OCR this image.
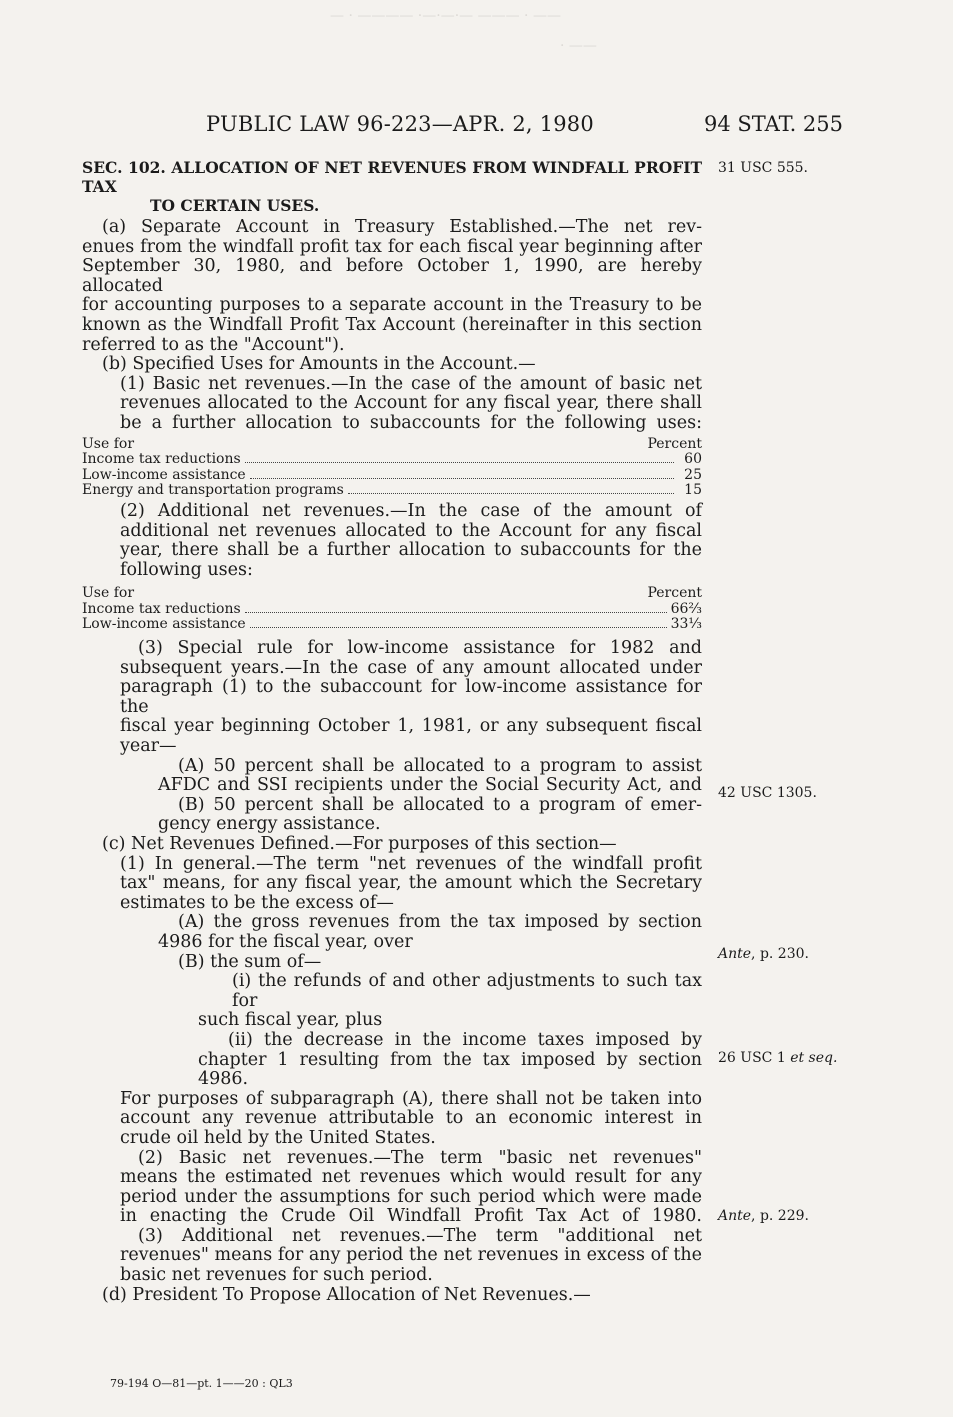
— · ———— ·—·—·— ——— · ——
· ——
PUBLIC LAW 96-223—APR. 2, 1980	94 STAT. 255
SEC. 102. ALLOCATION OF NET REVENUES FROM WINDFALL PROFIT TAX
TO CERTAIN USES.
(a) Separate Account in Treasury Established.—The net rev-
enues from the windfall profit tax for each fiscal year beginning after
September 30, 1980, and before October 1, 1990, are hereby allocated
for accounting purposes to a separate account in the Treasury to be
known as the Windfall Profit Tax Account (hereinafter in this section
referred to as the "Account").
(b) Specified Uses for Amounts in the Account.—
(1) Basic net revenues.—In the case of the amount of basic net
revenues allocated to the Account for any fiscal year, there shall
be a further allocation to subaccounts for the following uses:
Use for	Percent
Income tax reductions	60
Low-income assistance	25
Energy and transportation programs	15
(2) Additional net revenues.—In the case of the amount of
additional net revenues allocated to the Account for any fiscal
year, there shall be a further allocation to subaccounts for the
following uses:
Use for	Percent
Income tax reductions	66⅔
Low-income assistance	33⅓
(3) Special rule for low-income assistance for 1982 and
subsequent years.—In the case of any amount allocated under
paragraph (1) to the subaccount for low-income assistance for the
fiscal year beginning October 1, 1981, or any subsequent fiscal
year—
(A) 50 percent shall be allocated to a program to assist
AFDC and SSI recipients under the Social Security Act, and
(B) 50 percent shall be allocated to a program of emer-
gency energy assistance.
(c) Net Revenues Defined.—For purposes of this section—
(1) In general.—The term "net revenues of the windfall profit
tax" means, for any fiscal year, the amount which the Secretary
estimates to be the excess of—
(A) the gross revenues from the tax imposed by section
4986 for the fiscal year, over
(B) the sum of—
(i) the refunds of and other adjustments to such tax for
such fiscal year, plus
(ii) the decrease in the income taxes imposed by
chapter 1 resulting from the tax imposed by section
4986.
For purposes of subparagraph (A), there shall not be taken into
account any revenue attributable to an economic interest in
crude oil held by the United States.
(2) Basic net revenues.—The term "basic net revenues"
means the estimated net revenues which would result for any
period under the assumptions for such period which were made
in enacting the Crude Oil Windfall Profit Tax Act of 1980.
(3) Additional net revenues.—The term "additional net
revenues" means for any period the net revenues in excess of the
basic net revenues for such period.
(d) President To Propose Allocation of Net Revenues.—
31 USC 555.
42 USC 1305.
Ante, p. 230.
26 USC 1 et seq.
Ante, p. 229.
79-194 O—81—pt. 1——20 : QL3
